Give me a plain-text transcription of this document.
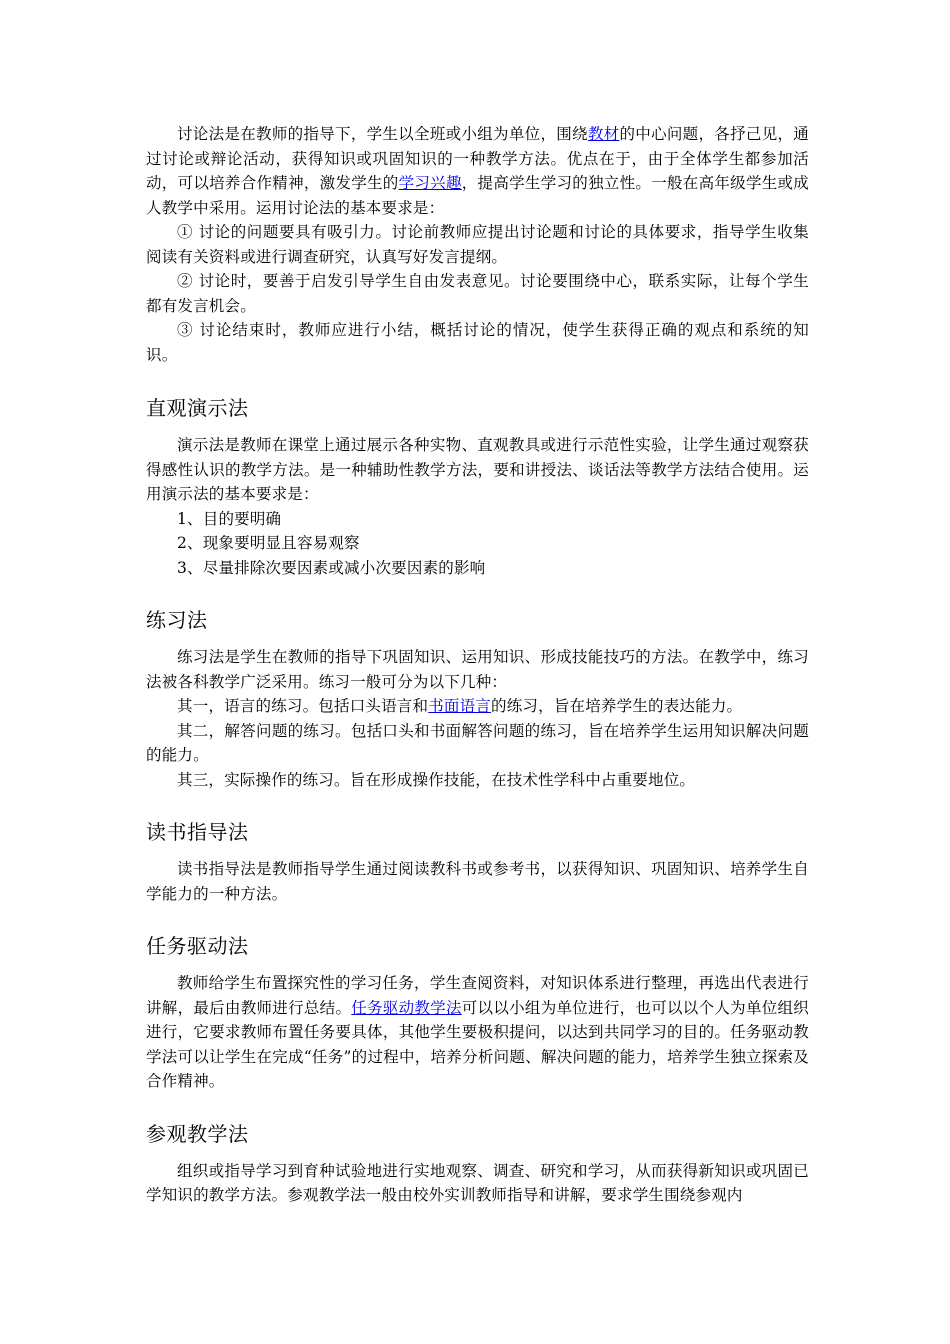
讨论法是在教师的指导下，学生以全班或小组为单位，围绕教材的中心问题，各抒己见，通过讨论或辩论活动，获得知识或巩固知识的一种教学方法。优点在于，由于全体学生都参加活动，可以培养合作精神，激发学生的学习兴趣，提高学生学习的独立性。一般在高年级学生或成人教学中采用。运用讨论法的基本要求是：

① 讨论的问题要具有吸引力。讨论前教师应提出讨论题和讨论的具体要求，指导学生收集阅读有关资料或进行调查研究，认真写好发言提纲。

② 讨论时，要善于启发引导学生自由发表意见。讨论要围绕中心，联系实际，让每个学生都有发言机会。

③ 讨论结束时，教师应进行小结，概括讨论的情况，使学生获得正确的观点和系统的知识。

直观演示法

演示法是教师在课堂上通过展示各种实物、直观教具或进行示范性实验，让学生通过观察获得感性认识的教学方法。是一种辅助性教学方法，要和讲授法、谈话法等教学方法结合使用。运用演示法的基本要求是：

1、目的要明确

2、现象要明显且容易观察

3、尽量排除次要因素或减小次要因素的影响

练习法

练习法是学生在教师的指导下巩固知识、运用知识、形成技能技巧的方法。在教学中，练习法被各科教学广泛采用。练习一般可分为以下几种：

其一，语言的练习。包括口头语言和书面语言的练习，旨在培养学生的表达能力。

其二，解答问题的练习。包括口头和书面解答问题的练习，旨在培养学生运用知识解决问题的能力。

其三，实际操作的练习。旨在形成操作技能，在技术性学科中占重要地位。

读书指导法

读书指导法是教师指导学生通过阅读教科书或参考书，以获得知识、巩固知识、培养学生自学能力的一种方法。

任务驱动法

教师给学生布置探究性的学习任务，学生查阅资料，对知识体系进行整理，再选出代表进行讲解，最后由教师进行总结。任务驱动教学法可以以小组为单位进行，也可以以个人为单位组织进行，它要求教师布置任务要具体，其他学生要极积提问，以达到共同学习的目的。任务驱动教学法可以让学生在完成“任务”的过程中，培养分析问题、解决问题的能力，培养学生独立探索及合作精神。

参观教学法

组织或指导学习到育种试验地进行实地观察、调查、研究和学习，从而获得新知识或巩固已学知识的教学方法。参观教学法一般由校外实训教师指导和讲解，要求学生围绕参观内
